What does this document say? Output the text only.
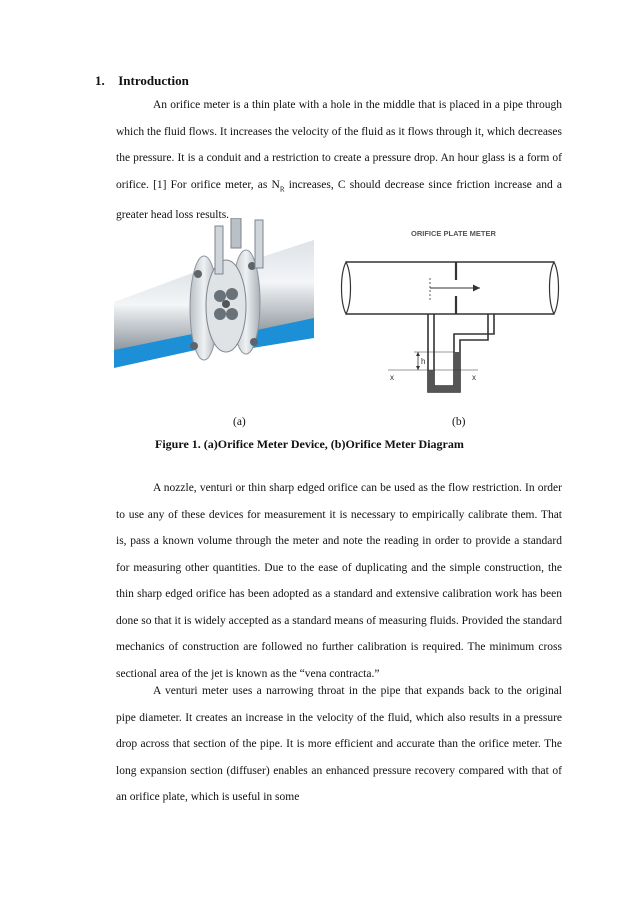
1. Introduction

An orifice meter is a thin plate with a hole in the middle that is placed in a pipe through which the fluid flows. It increases the velocity of the fluid as it flows through it, which decreases the pressure. It is a conduit and a restriction to create a pressure drop. An hour glass is a form of orifice. [1] For orifice meter, as $N_R$ increases, C should decrease since friction increase and a greater head loss results.

ORIFICE PLATE METER
h
x	x
(a)	(b)
Figure 1. (a)Orifice Meter Device, (b)Orifice Meter Diagram

A nozzle, venturi or thin sharp edged orifice can be used as the flow restriction. In order to use any of these devices for measurement it is necessary to empirically calibrate them. That is, pass a known volume through the meter and note the reading in order to provide a standard for measuring other quantities. Due to the ease of duplicating and the simple construction, the thin sharp edged orifice has been adopted as a standard and extensive calibration work has been done so that it is widely accepted as a standard means of measuring fluids. Provided the standard mechanics of construction are followed no further calibration is required. The minimum cross sectional area of the jet is known as the “vena contracta.”

A venturi meter uses a narrowing throat in the pipe that expands back to the original pipe diameter. It creates an increase in the velocity of the fluid, which also results in a pressure drop across that section of the pipe. It is more efficient and accurate than the orifice meter. The long expansion section (diffuser) enables an enhanced pressure recovery compared with that of an orifice plate, which is useful in some
